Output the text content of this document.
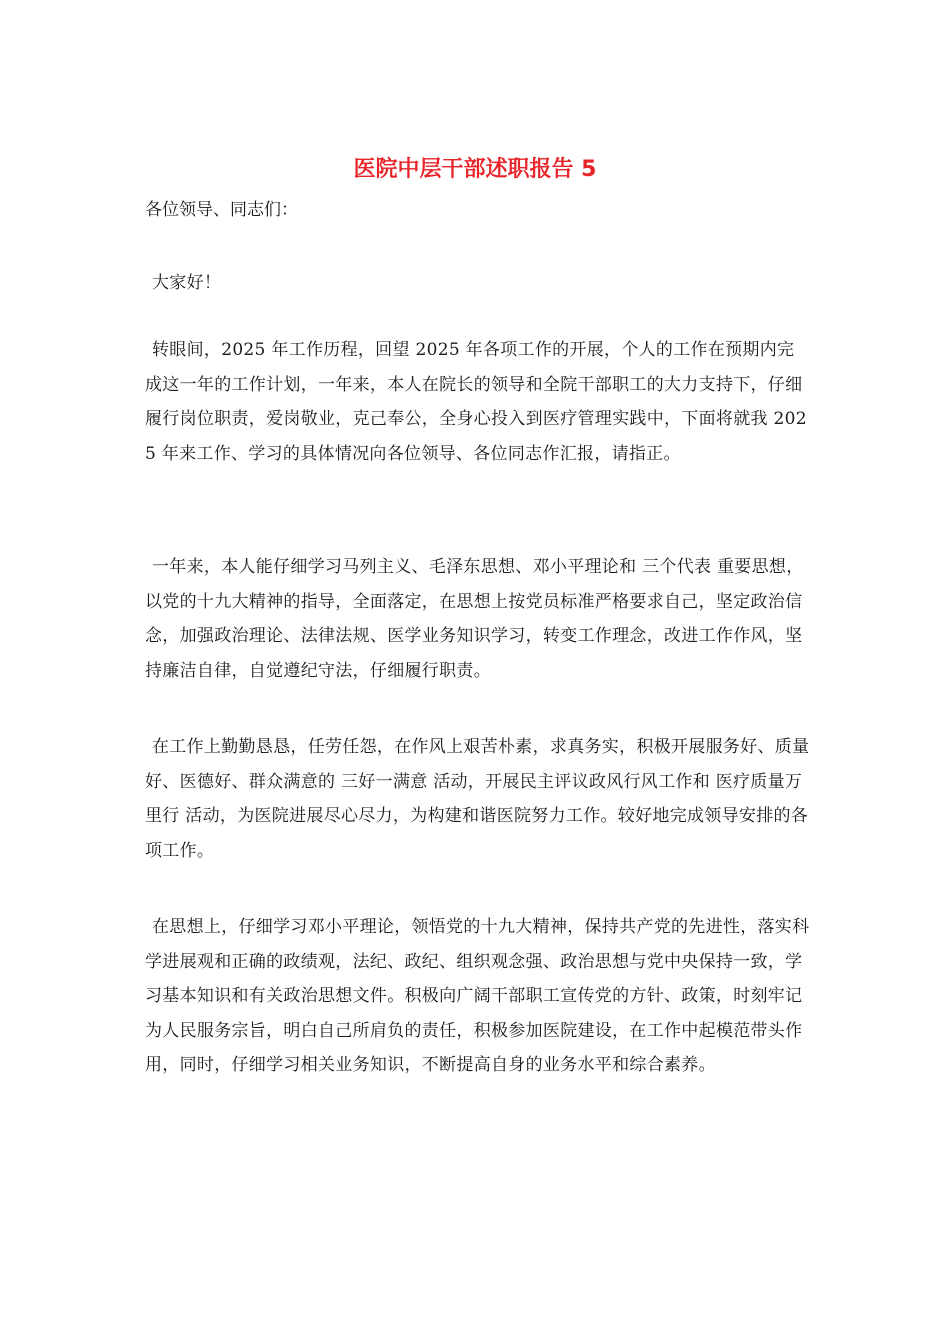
医院中层干部述职报告 5

各位领导、同志们：

大家好！

转眼间，2025 年工作历程，回望 2025 年各项工作的开展，个人的工作在预期内完成这一年的工作计划，一年来，本人在院长的领导和全院干部职工的大力支持下，仔细履行岗位职责，爱岗敬业，克己奉公，全身心投入到医疗管理实践中，下面将就我 2025 年来工作、学习的具体情况向各位领导、各位同志作汇报，请指正。

一年来，本人能仔细学习马列主义、毛泽东思想、邓小平理论和 三个代表 重要思想，以党的十九大精神的指导，全面落定，在思想上按党员标准严格要求自己，坚定政治信念，加强政治理论、法律法规、医学业务知识学习，转变工作理念，改进工作作风，坚持廉洁自律，自觉遵纪守法，仔细履行职责。

在工作上勤勤恳恳，任劳任怨，在作风上艰苦朴素，求真务实，积极开展服务好、质量好、医德好、群众满意的 三好一满意 活动，开展民主评议政风行风工作和 医疗质量万里行 活动，为医院进展尽心尽力，为构建和谐医院努力工作。较好地完成领导安排的各项工作。

在思想上，仔细学习邓小平理论，领悟党的十九大精神，保持共产党的先进性，落实科学进展观和正确的政绩观，法纪、政纪、组织观念强、政治思想与党中央保持一致，学习基本知识和有关政治思想文件。积极向广阔干部职工宣传党的方针、政策，时刻牢记为人民服务宗旨，明白自己所肩负的责任，积极参加医院建设，在工作中起模范带头作用，同时，仔细学习相关业务知识，不断提高自身的业务水平和综合素养。
